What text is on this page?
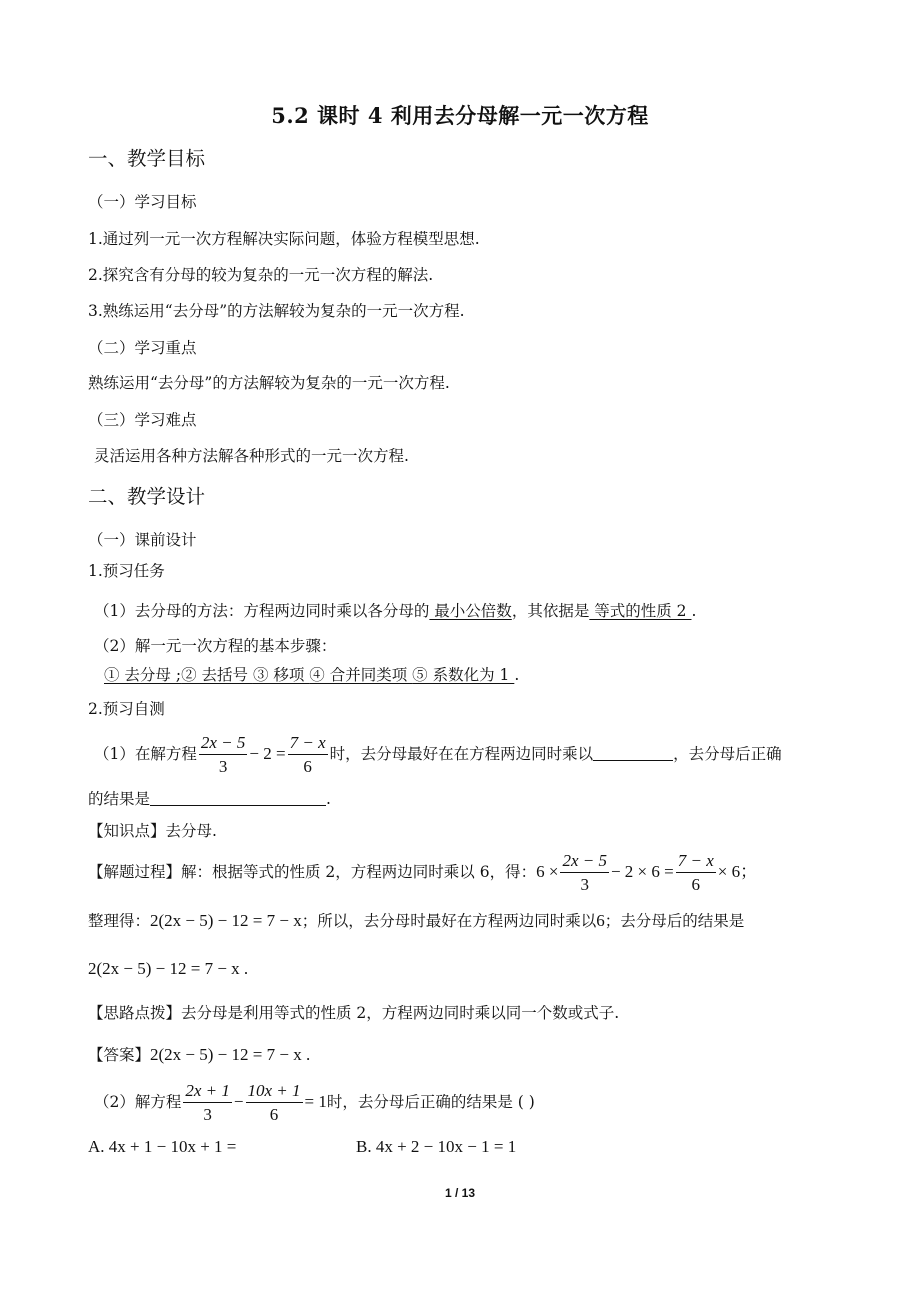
5.2 课时 4 利用去分母解一元一次方程
一、教学目标
（一）学习目标
1.通过列一元一次方程解决实际问题，体验方程模型思想.
2.探究含有分母的较为复杂的一元一次方程的解法.
3.熟练运用“去分母”的方法解较为复杂的一元一次方程.
（二）学习重点
熟练运用“去分母”的方法解较为复杂的一元一次方程.
（三）学习难点
灵活运用各种方法解各种形式的一元一次方程.
二、教学设计
（一）课前设计
1.预习任务
（1）去分母的方法：方程两边同时乘以各分母的 最小公倍数，其依据是 等式的性质 2 .
（2）解一元一次方程的基本步骤：
① 去分母 ;② 去括号 ③ 移项 ④ 合并同类项 ⑤ 系数化为 1 .
2.预习自测
（1）在解方程 $\frac{2x - 5}{3} - 2 = \frac{7 - x}{6}$ 时，去分母最好在在方程两边同时乘以	，去分母后正确
的结果是	.
【知识点】去分母.
【解题过程】解：根据等式的性质 2，方程两边同时乘以 6，得：$6 \times \frac{2x - 5}{3} - 2 \times 6 = \frac{7 - x}{6} \times 6$；
整理得：2(2x − 5) − 12 = 7 − x；所以，去分母时最好在方程两边同时乘以6；去分母后的结果是
2(2x − 5) − 12 = 7 − x .
【思路点拨】去分母是利用等式的性质 2，方程两边同时乘以同一个数或式子.
【答案】2(2x − 5) − 12 = 7 − x .
（2）解方程 $\frac{2x + 1}{3} - \frac{10x + 1}{6} = 1$时，去分母后正确的结果是 ( )
A. 4x + 1 − 10x + 1 =	B. 4x + 2 − 10x − 1 = 1
1 / 13
